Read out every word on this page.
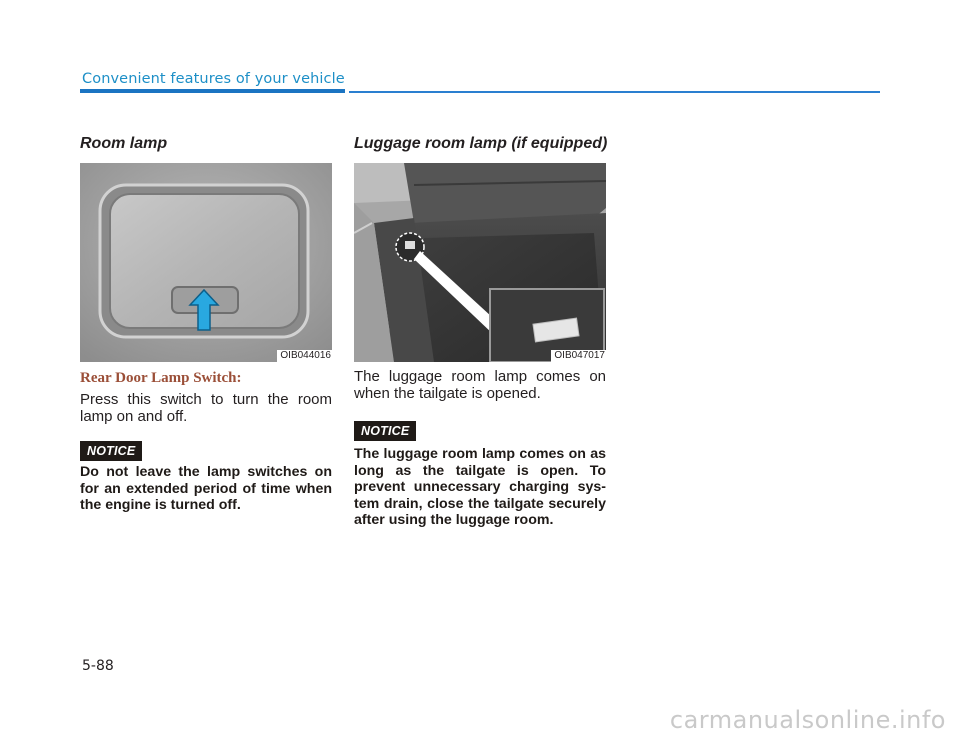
Convenient features of your vehicle
Room lamp
OIB044016
Rear Door Lamp Switch:
Press this switch to turn the room lamp on and off.
NOTICE
Do not leave the lamp switches on for an extended period of time when the engine is turned off.
Luggage room lamp (if equipped)
OIB047017
The luggage room lamp comes on when the tailgate is opened.
NOTICE
The luggage room lamp comes on as long as the tailgate is open. To prevent unnecessary charging sys- tem drain, close the tailgate securely after using the luggage room.
5-88
carmanualsonline.info
